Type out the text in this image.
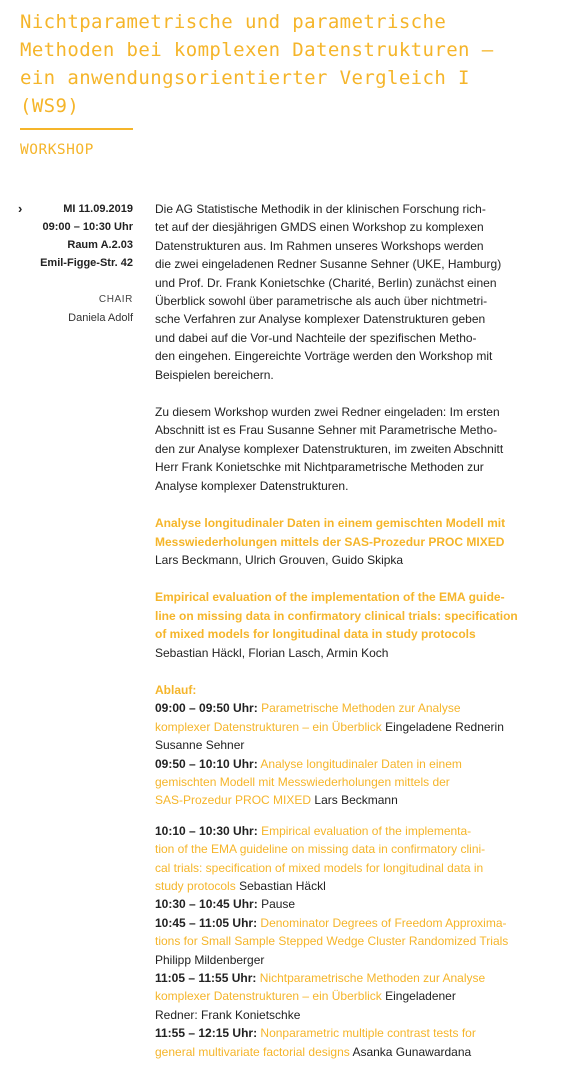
Nichtparametrische und parametrische
Methoden bei komplexen Datenstrukturen –
ein anwendungsorientierter Vergleich I
(WS9)
WORKSHOP
›	MI 11.09.2019
09:00 – 10:30 Uhr
Raum A.2.03
Emil-Figge-Str. 42
CHAIR
Daniela Adolf

Die AG Statistische Methodik in der klinischen Forschung rich-
tet auf der diesjährigen GMDS einen Workshop zu komplexen
Datenstrukturen aus. Im Rahmen unseres Workshops werden
die zwei eingeladenen Redner Susanne Sehner (UKE, Hamburg)
und Prof. Dr. Frank Konietschke (Charité, Berlin) zunächst einen
Überblick sowohl über parametrische als auch über nichtmetri-
sche Verfahren zur Analyse komplexer Datenstrukturen geben
und dabei auf die Vor-und Nachteile der spezifischen Metho-
den eingehen. Eingereichte Vorträge werden den Workshop mit
Beispielen bereichern.

Zu diesem Workshop wurden zwei Redner eingeladen: Im ersten
Abschnitt ist es Frau Susanne Sehner mit Parametrische Metho-
den zur Analyse komplexer Datenstrukturen, im zweiten Abschnitt
Herr Frank Konietschke mit Nichtparametrische Methoden zur
Analyse komplexer Datenstrukturen.

Analyse longitudinaler Daten in einem gemischten Modell mit
Messwiederholungen mittels der SAS-Prozedur PROC MIXED
Lars Beckmann, Ulrich Grouven, Guido Skipka

Empirical evaluation of the implementation of the EMA guide-
line on missing data in confirmatory clinical trials: specification
of mixed models for longitudinal data in study protocols
Sebastian Häckl, Florian Lasch, Armin Koch

Ablauf:
09:00 – 09:50 Uhr: Parametrische Methoden zur Analyse
komplexer Datenstrukturen – ein Überblick Eingeladene Rednerin
Susanne Sehner
09:50 – 10:10 Uhr: Analyse longitudinaler Daten in einem
gemischten Modell mit Messwiederholungen mittels der
SAS-Prozedur PROC MIXED Lars Beckmann

10:10 – 10:30 Uhr: Empirical evaluation of the implementa-
tion of the EMA guideline on missing data in confirmatory clini-
cal trials: specification of mixed models for longitudinal data in
study protocols Sebastian Häckl
10:30 – 10:45 Uhr: Pause
10:45 – 11:05 Uhr: Denominator Degrees of Freedom Approxima-
tions for Small Sample Stepped Wedge Cluster Randomized Trials
Philipp Mildenberger
11:05 – 11:55 Uhr: Nichtparametrische Methoden zur Analyse
komplexer Datenstrukturen – ein Überblick Eingeladener
Redner: Frank Konietschke
11:55 – 12:15 Uhr: Nonparametric multiple contrast tests for
general multivariate factorial designs Asanka Gunawardana
